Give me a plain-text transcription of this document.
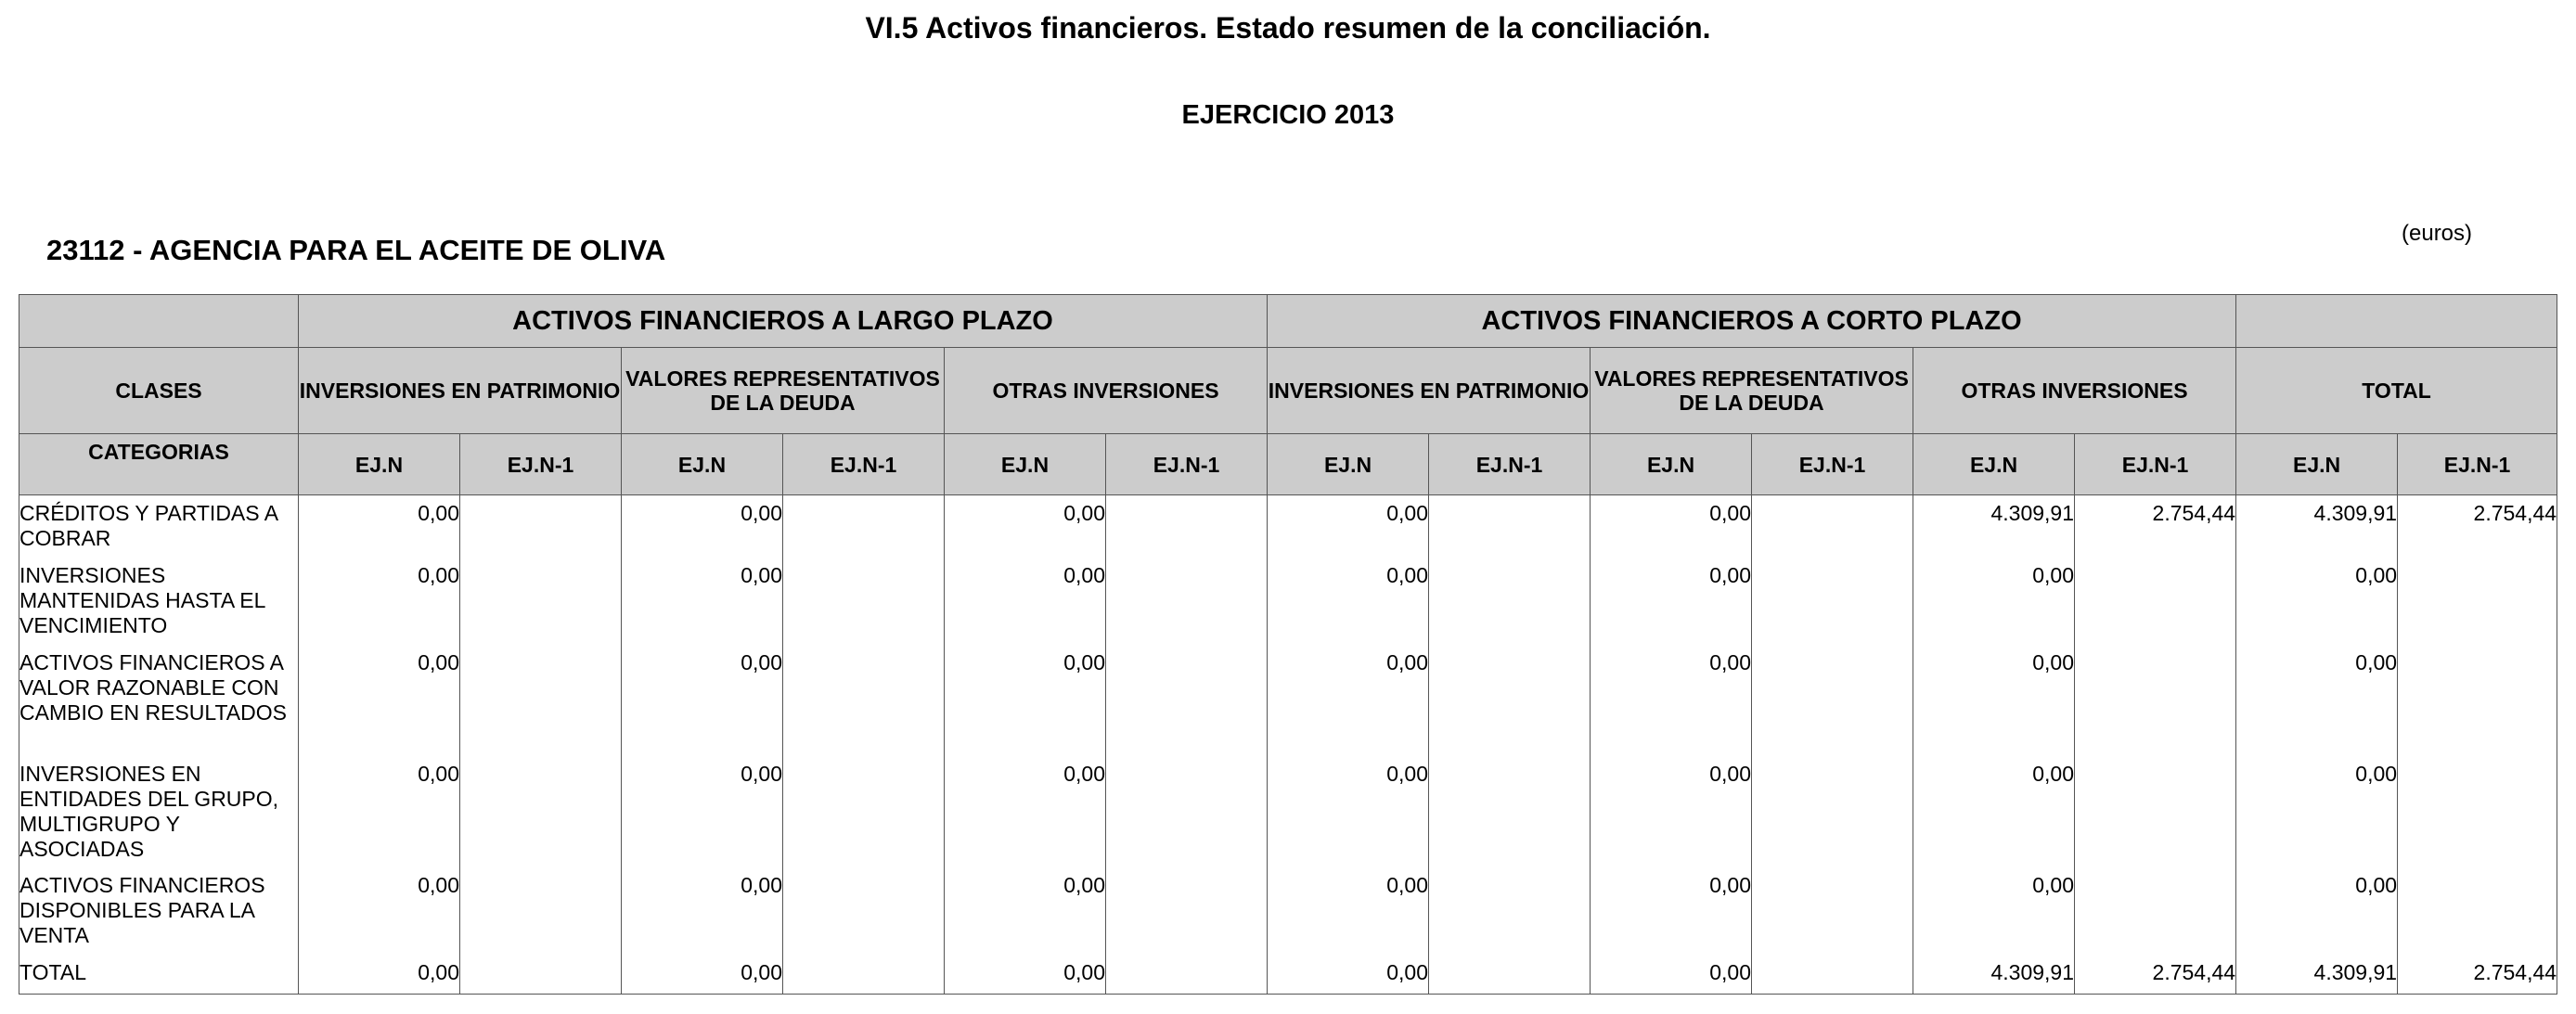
VI.5 Activos financieros. Estado resumen de la conciliación.
EJERCICIO 2013
23112 - AGENCIA PARA EL ACEITE DE OLIVA
(euros)
	ACTIVOS FINANCIEROS A LARGO PLAZO						ACTIVOS FINANCIEROS A CORTO PLAZO							
CLASES	INVERSIONES EN PATRIMONIO		VALORES REPRESENTATIVOS DE LA DEUDA		OTRAS INVERSIONES		INVERSIONES EN PATRIMONIO		VALORES REPRESENTATIVOS DE LA DEUDA		OTRAS INVERSIONES		TOTAL	
CATEGORIAS	EJ.N	EJ.N-1	EJ.N	EJ.N-1	EJ.N	EJ.N-1	EJ.N	EJ.N-1	EJ.N	EJ.N-1	EJ.N	EJ.N-1	EJ.N	EJ.N-1
CRÉDITOS Y PARTIDAS A COBRAR	0,00		0,00		0,00		0,00		0,00		4.309,91	2.754,44	4.309,91	2.754,44
INVERSIONES MANTENIDAS HASTA EL VENCIMIENTO	0,00		0,00		0,00		0,00		0,00		0,00		0,00	
ACTIVOS FINANCIEROS A VALOR RAZONABLE CON CAMBIO EN RESULTADOS	0,00		0,00		0,00		0,00		0,00		0,00		0,00	
INVERSIONES EN ENTIDADES DEL GRUPO, MULTIGRUPO Y ASOCIADAS	0,00		0,00		0,00		0,00		0,00		0,00		0,00	
ACTIVOS FINANCIEROS DISPONIBLES PARA LA VENTA	0,00		0,00		0,00		0,00		0,00		0,00		0,00	
TOTAL	0,00		0,00		0,00		0,00		0,00		4.309,91	2.754,44	4.309,91	2.754,44
